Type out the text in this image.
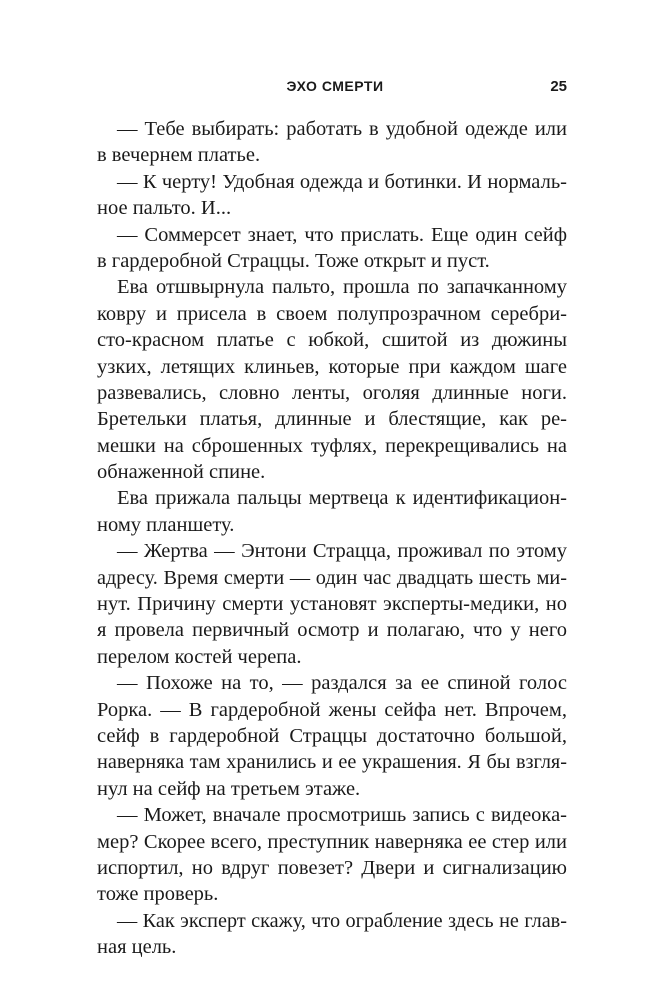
ЭХО СМЕРТИ	25
— Тебе выбирать: работать в удобной одежде или
в вечернем платье.
— К черту! Удобная одежда и ботинки. И нормаль-
ное пальто. И...
— Соммерсет знает, что прислать. Еще один сейф
в гардеробной Страццы. Тоже открыт и пуст.
Ева отшвырнула пальто, прошла по запачканному
ковру и присела в своем полупрозрачном серебри-
сто-красном платье с юбкой, сшитой из дюжины
узких, летящих клиньев, которые при каждом шаге
развевались, словно ленты, оголяя длинные ноги.
Бретельки платья, длинные и блестящие, как ре-
мешки на сброшенных туфлях, перекрещивались на
обнаженной спине.
Ева прижала пальцы мертвеца к идентификацион-
ному планшету.
— Жертва — Энтони Страцца, проживал по этому
адресу. Время смерти — один час двадцать шесть ми-
нут. Причину смерти установят эксперты-медики, но
я провела первичный осмотр и полагаю, что у него
перелом костей черепа.
— Похоже на то, — раздался за ее спиной голос
Рорка. — В гардеробной жены сейфа нет. Впрочем,
сейф в гардеробной Страццы достаточно большой,
наверняка там хранились и ее украшения. Я бы взгля-
нул на сейф на третьем этаже.
— Может, вначале просмотришь запись с видеока-
мер? Скорее всего, преступник наверняка ее стер или
испортил, но вдруг повезет? Двери и сигнализацию
тоже проверь.
— Как эксперт скажу, что ограбление здесь не глав-
ная цель.
